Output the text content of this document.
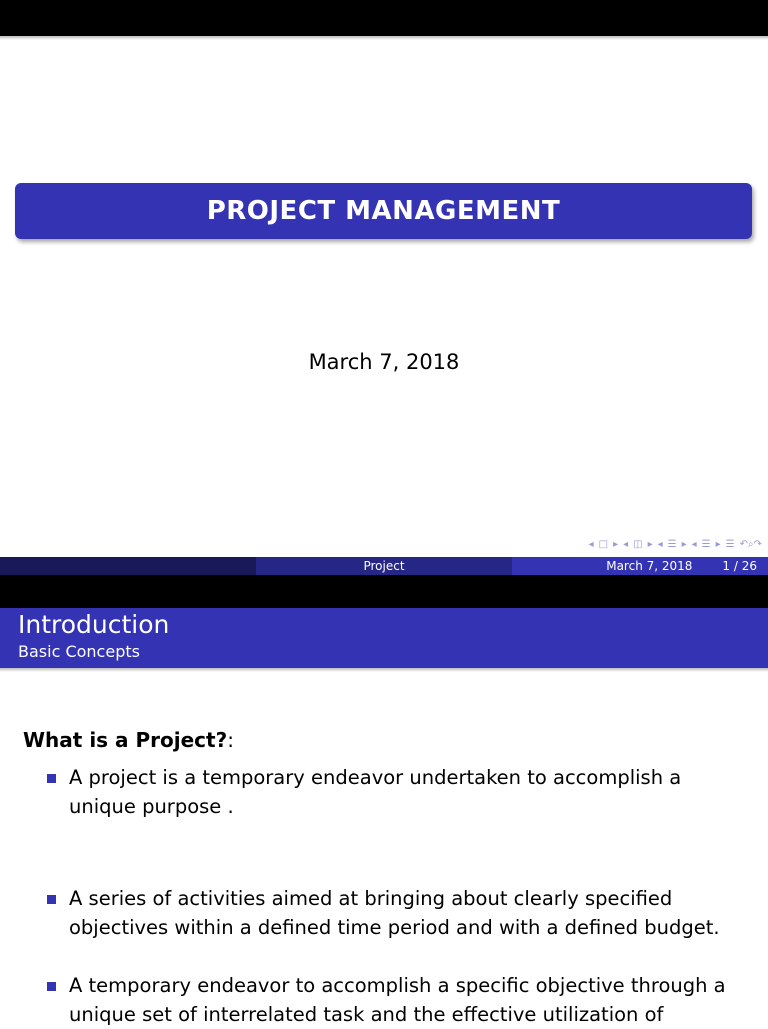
PROJECT MANAGEMENT
March 7, 2018
◂ □ ▸ ◂ ◫ ▸ ◂ ☰ ▸ ◂ ☰ ▸ ☰ ↶⌕↷
Project	March 7, 2018	1 / 26
Introduction
Basic Concepts
What is a Project?:
A project is a temporary endeavor undertaken to accomplish a unique purpose .
A series of activities aimed at bringing about clearly specified objectives within a defined time period and with a defined budget.
A temporary endeavor to accomplish a specific objective through a unique set of interrelated task and the effective utilization of
